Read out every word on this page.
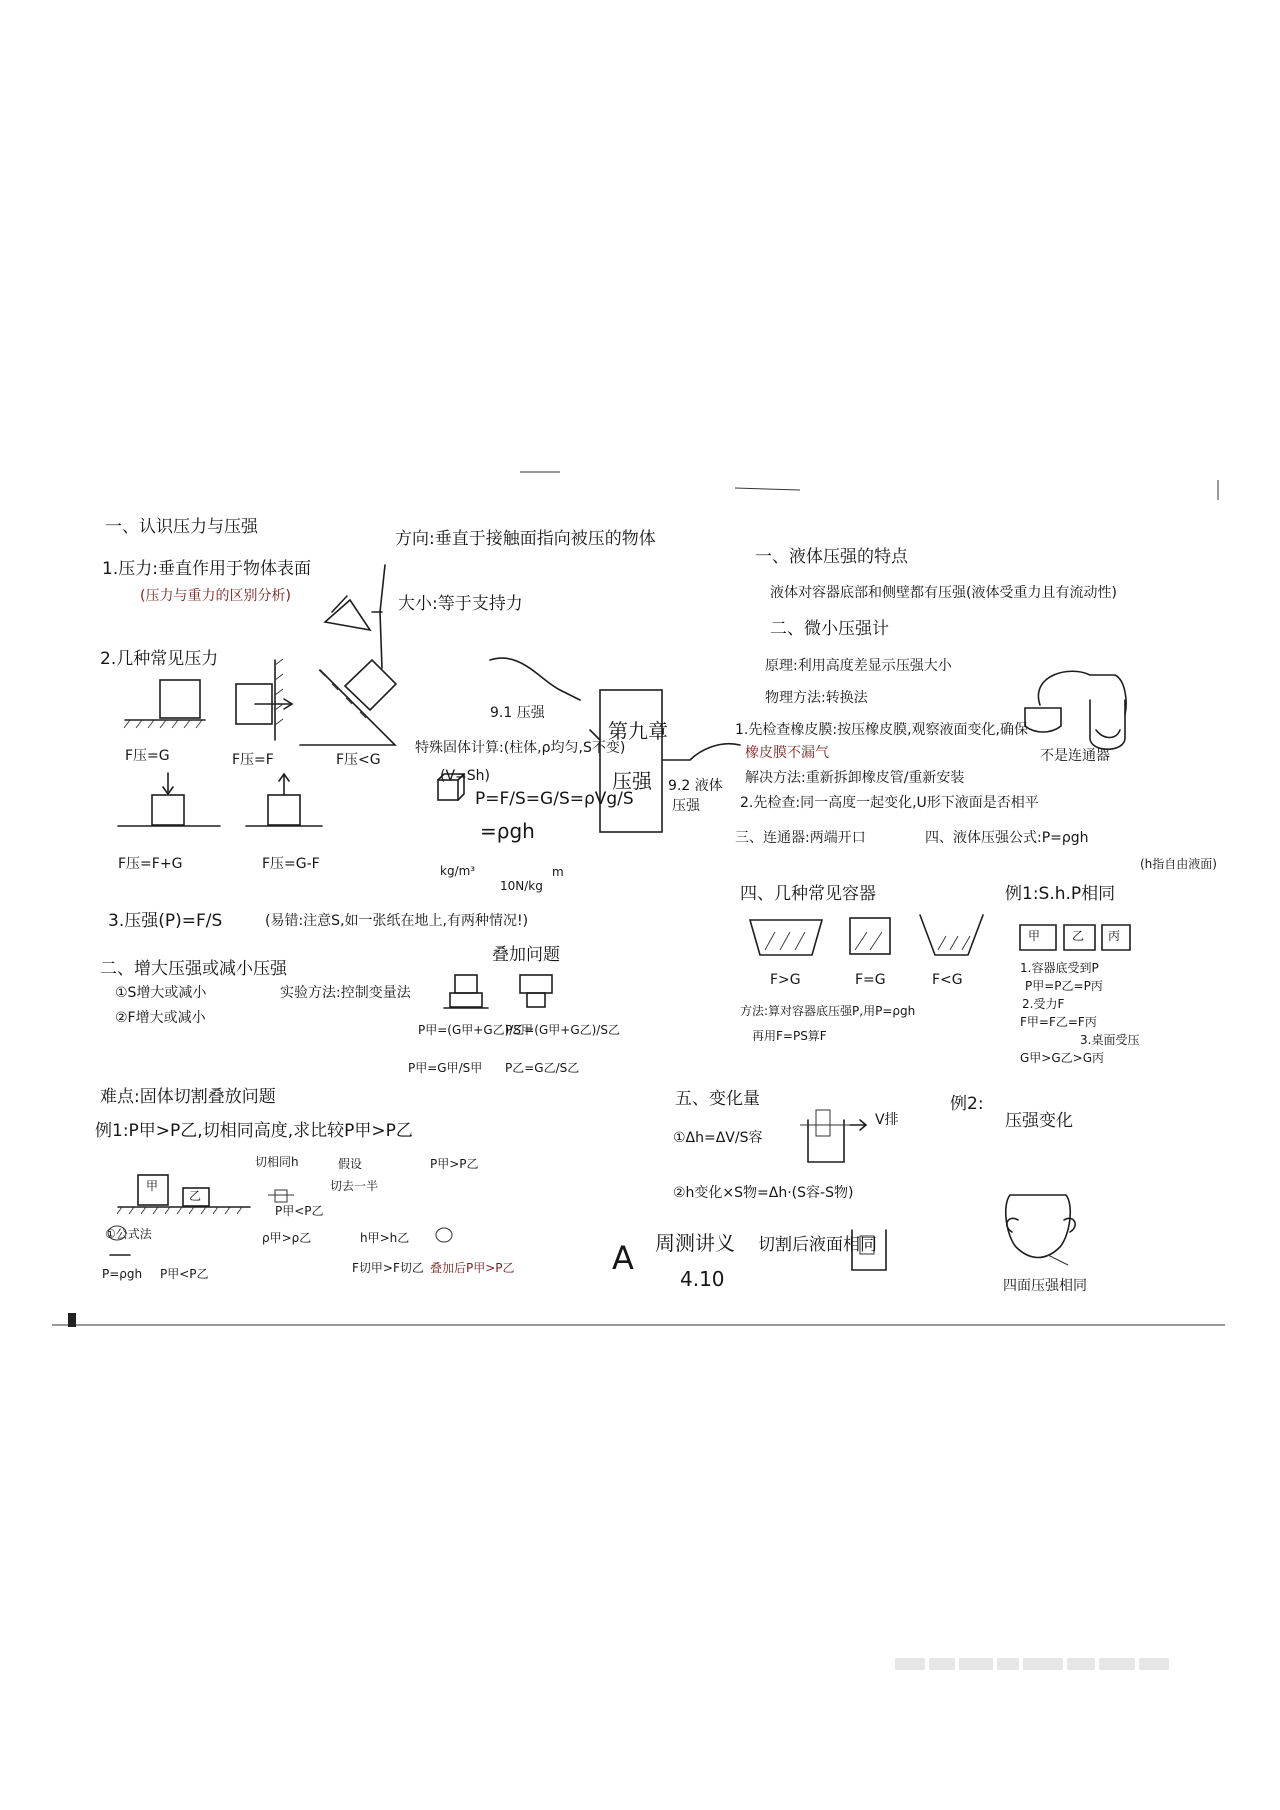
一、认识压力与压强
1.压力:垂直作用于物体表面
(压力与重力的区别分析)
方向:垂直于接触面指向被压的物体
大小:等于支持力
2.几种常见压力
F压=G	F压=F	F压<G
F压=F+G	F压=G-F
3.压强(P)=F/S	(易错:注意S,如一张纸在地上,有两种情况!)
二、增大压强或减小压强
①S增大或减小
②F增大或减小
实验方法:控制变量法
叠加问题
P甲=(G甲+G乙)/S甲
P乙=(G甲+G乙)/S乙
P甲=G甲/S甲 P乙=G乙/S乙
难点:固体切割叠放问题
例1:P甲>P乙,切相同高度,求比较P甲>P乙
切相同h	假设
切去一半
P甲>P乙
P甲<P乙
ρ甲>ρ乙	h甲>h乙
F切甲>F切乙 叠加后P甲>P乙
①公式法
P=ρgh P甲<P乙
甲
乙
9.1 压强
第九章
压强 9.2 液体
压强
特殊固体计算:(柱体,ρ均匀,S不变)
(V=Sh)
P=F/S=G/S=ρVg/S
=ρgh
kg/m³
10N/kg
m
一、液体压强的特点
液体对容器底部和侧壁都有压强(液体受重力且有流动性)
二、微小压强计
原理:利用高度差显示压强大小
物理方法:转换法
1.先检查橡皮膜:按压橡皮膜,观察液面变化,确保
橡皮膜不漏气
解决方法:重新拆卸橡皮管/重新安装
2.先检查:同一高度一起变化,U形下液面是否相平
三、连通器:两端开口	四、液体压强公式:P=ρgh
(h指自由液面)
不是连通器
四、几种常见容器	例1:S.h.P相同
F>G	F=G	F<G
方法:算对容器底压强P,用P=ρgh
再用F=PS算F
甲	乙 丙
1.容器底受到P
P甲=P乙=P丙
2.受力F
F甲=F乙=F丙
3.桌面受压
G甲>G乙>G丙
五、变化量
①Δh=ΔV/S容
V排
②h变化×S物=Δh·(S容-S物)
例2:
压强变化
周测讲义 切割后液面相同
4.10
A
四面压强相同
